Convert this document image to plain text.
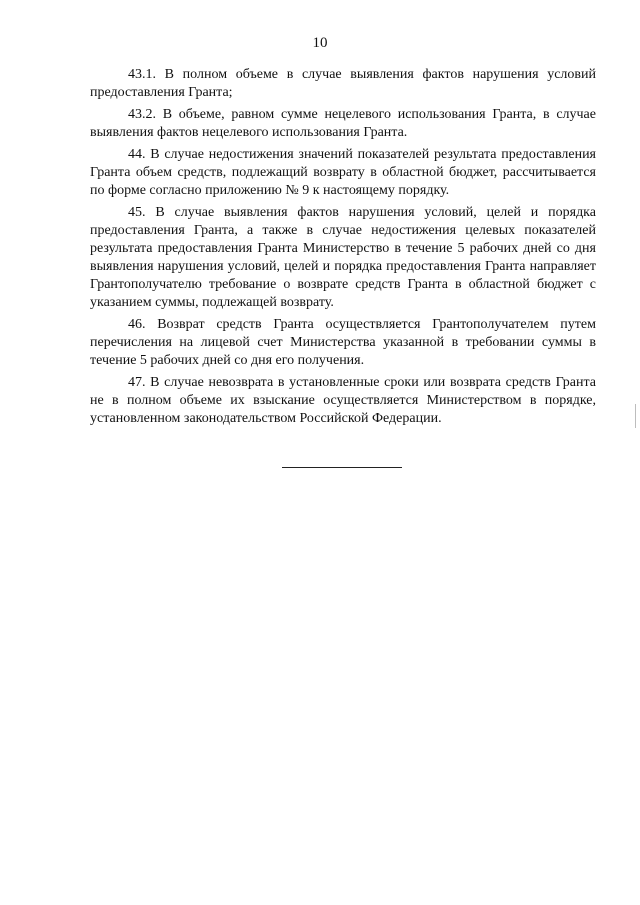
10

43.1. В полном объеме в случае выявления фактов нарушения условий предоставления Гранта;

43.2. В объеме, равном сумме нецелевого использования Гранта, в случае выявления фактов нецелевого использования Гранта.

44. В случае недостижения значений показателей результата предоставления Гранта объем средств, подлежащий возврату в областной бюджет, рассчитывается по форме согласно приложению № 9 к настоящему порядку.

45. В случае выявления фактов нарушения условий, целей и порядка предоставления Гранта, а также в случае недостижения целевых показателей результата предоставления Гранта Министерство в течение 5 рабочих дней со дня выявления нарушения условий, целей и порядка предоставления Гранта направляет Грантополучателю требование о возврате средств Гранта в областной бюджет с указанием суммы, подлежащей возврату.

46. Возврат средств Гранта осуществляется Грантополучателем путем перечисления на лицевой счет Министерства указанной в требовании суммы в течение 5 рабочих дней со дня его получения.

47. В случае невозврата в установленные сроки или возврата средств Гранта не в полном объеме их взыскание осуществляется Министерством в порядке, установленном законодательством Российской Федерации.
